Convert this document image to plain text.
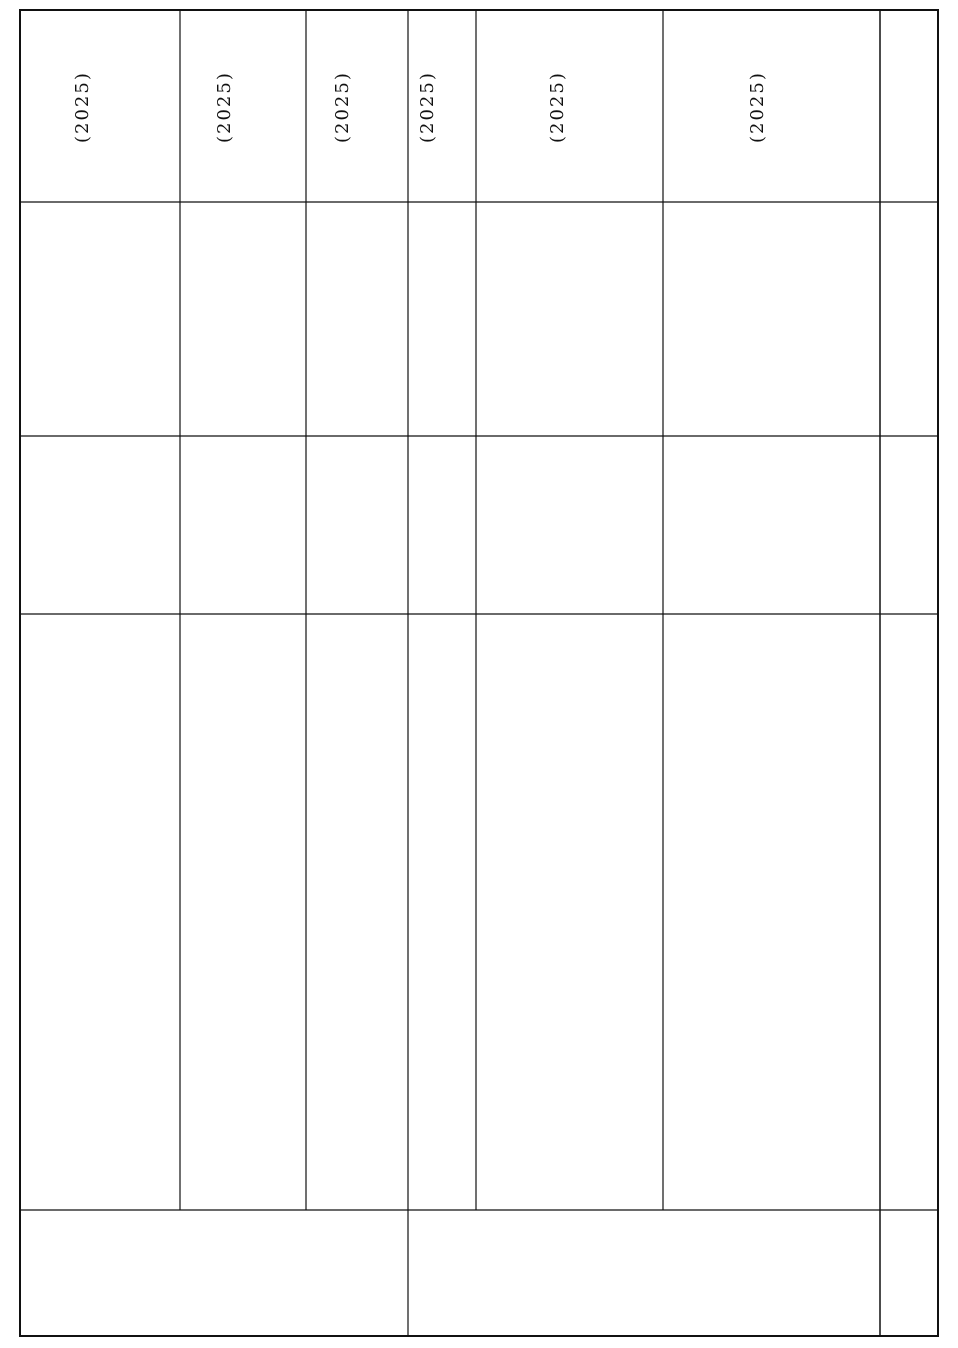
(2025)
(2025)
(2025)
(2025)
(2025)
(2025)
